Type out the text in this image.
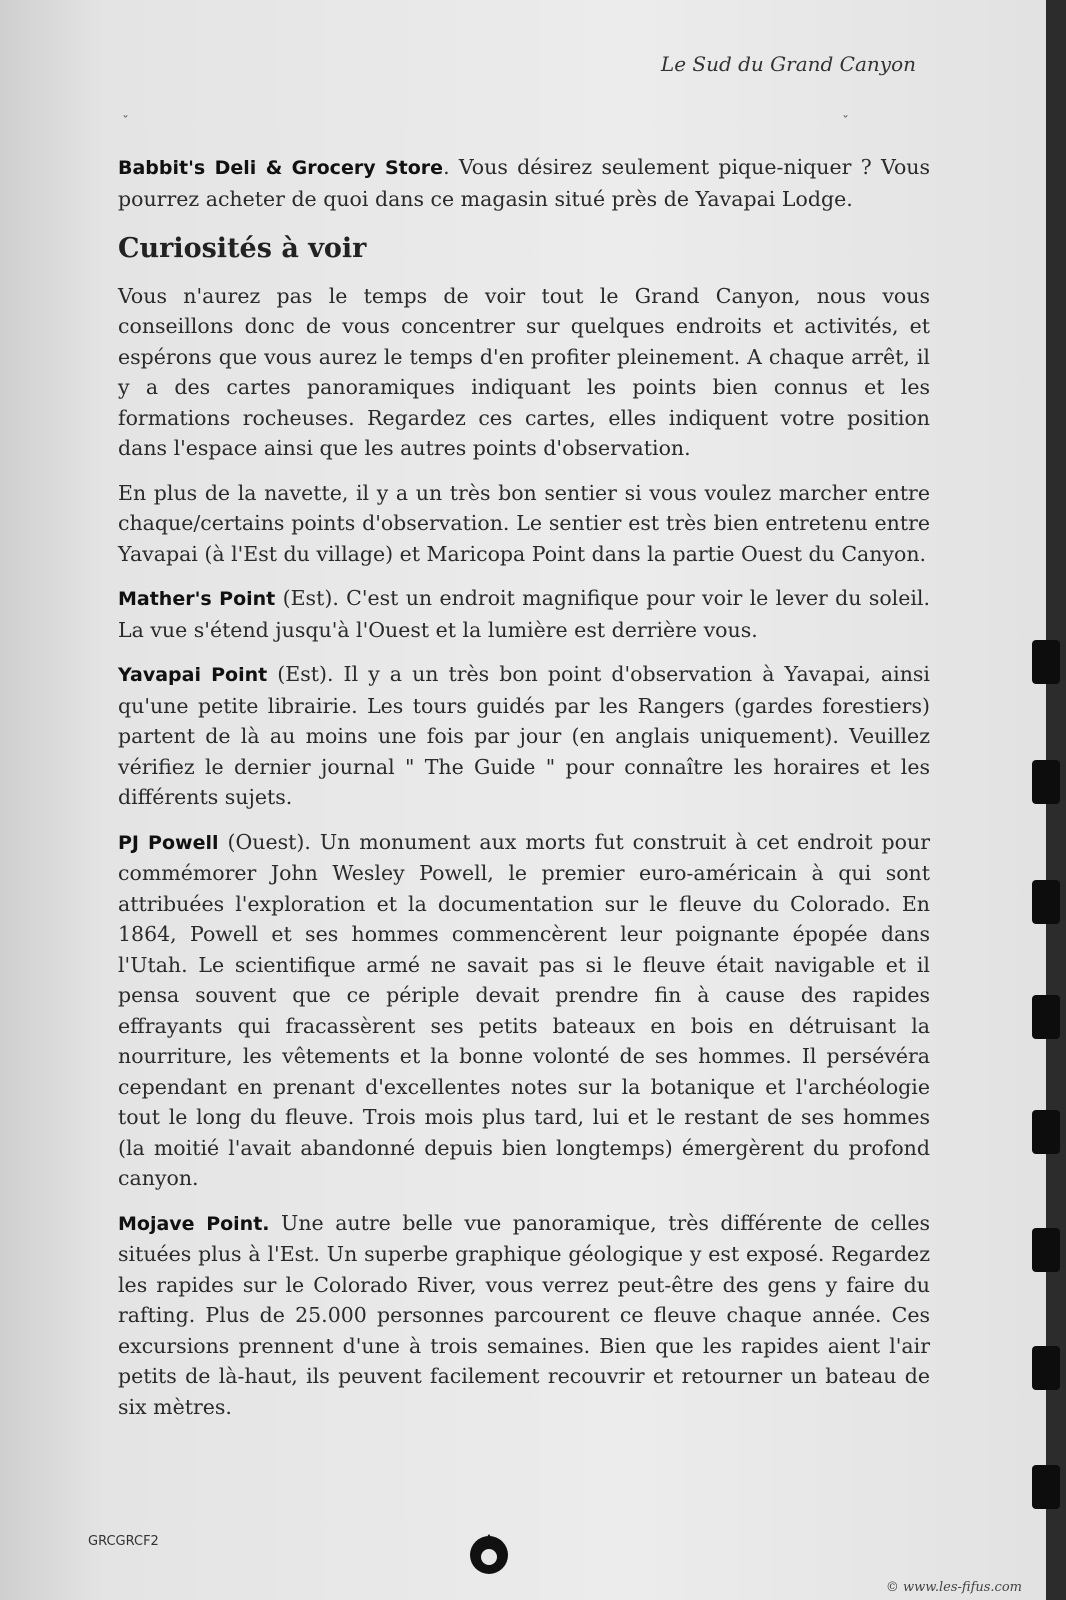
Le Sud du Grand Canyon
ˇ	ˇ

Babbit's Deli & Grocery Store. Vous désirez seulement pique-niquer ? Vous pourrez acheter de quoi dans ce magasin situé près de Yavapai Lodge.

Curiosités à voir

Vous n'aurez pas le temps de voir tout le Grand Canyon, nous vous conseillons donc de vous concentrer sur quelques endroits et activités, et espérons que vous aurez le temps d'en profiter pleinement. A chaque arrêt, il y a des cartes panoramiques indiquant les points bien connus et les formations rocheuses. Regardez ces cartes, elles indiquent votre position dans l'espace ainsi que les autres points d'observation.

En plus de la navette, il y a un très bon sentier si vous voulez marcher entre chaque/certains points d'observation. Le sentier est très bien entretenu entre Yavapai (à l'Est du village) et Maricopa Point dans la partie Ouest du Canyon.

Mather's Point (Est). C'est un endroit magnifique pour voir le lever du soleil. La vue s'étend jusqu'à l'Ouest et la lumière est derrière vous.

Yavapai Point (Est). Il y a un très bon point d'observation à Yavapai, ainsi qu'une petite librairie. Les tours guidés par les Rangers (gardes forestiers) partent de là au moins une fois par jour (en anglais uniquement). Veuillez vérifiez le dernier journal " The Guide " pour connaître les horaires et les différents sujets.

PJ Powell (Ouest). Un monument aux morts fut construit à cet endroit pour commémorer John Wesley Powell, le premier euro-américain à qui sont attribuées l'exploration et la documentation sur le fleuve du Colorado. En 1864, Powell et ses hommes commencèrent leur poignante épopée dans l'Utah. Le scientifique armé ne savait pas si le fleuve était navigable et il pensa souvent que ce périple devait prendre fin à cause des rapides effrayants qui fracassèrent ses petits bateaux en bois en détruisant la nourriture, les vêtements et la bonne volonté de ses hommes. Il persévéra cependant en prenant d'excellentes notes sur la botanique et l'archéologie tout le long du fleuve. Trois mois plus tard, lui et le restant de ses hommes (la moitié l'avait abandonné depuis bien longtemps) émergèrent du profond canyon.

Mojave Point. Une autre belle vue panoramique, très différente de celles situées plus à l'Est. Un superbe graphique géologique y est exposé. Regardez les rapides sur le Colorado River, vous verrez peut-être des gens y faire du rafting. Plus de 25.000 personnes parcourent ce fleuve chaque année. Ces excursions prennent d'une à trois semaines. Bien que les rapides aient l'air petits de là-haut, ils peuvent facilement recouvrir et retourner un bateau de six mètres.

GRCGRCF2
© www.les-fifus.com
